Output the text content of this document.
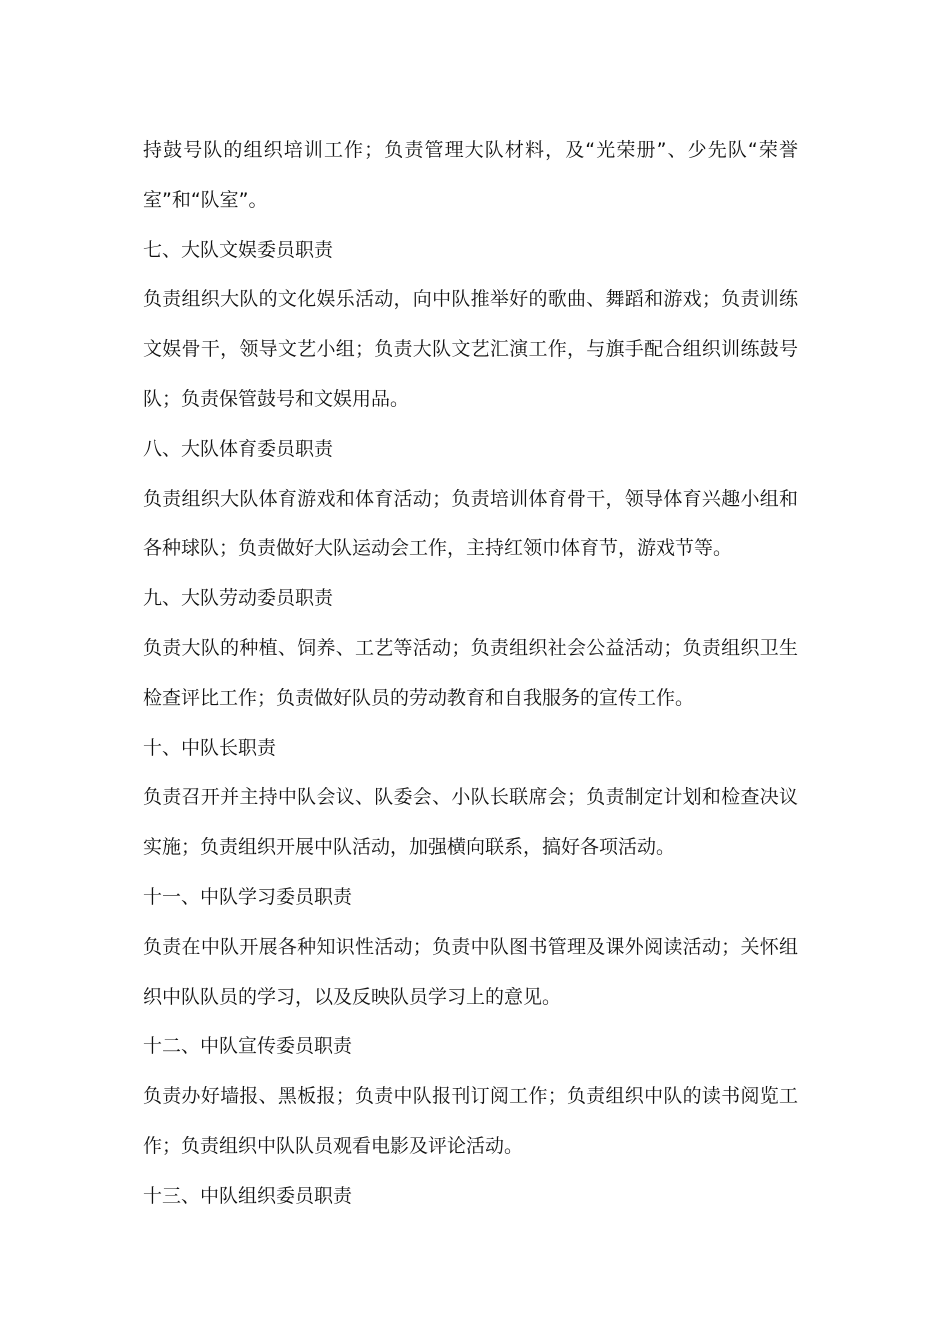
持鼓号队的组织培训工作；负责管理大队材料，及“光荣册”、少先队“荣誉
室”和“队室”。
七、大队文娱委员职责
负责组织大队的文化娱乐活动，向中队推举好的歌曲、舞蹈和游戏；负责训练
文娱骨干，领导文艺小组；负责大队文艺汇演工作，与旗手配合组织训练鼓号
队；负责保管鼓号和文娱用品。
八、大队体育委员职责
负责组织大队体育游戏和体育活动；负责培训体育骨干，领导体育兴趣小组和
各种球队；负责做好大队运动会工作，主持红领巾体育节，游戏节等。
九、大队劳动委员职责
负责大队的种植、饲养、工艺等活动；负责组织社会公益活动；负责组织卫生
检查评比工作；负责做好队员的劳动教育和自我服务的宣传工作。
十、中队长职责
负责召开并主持中队会议、队委会、小队长联席会；负责制定计划和检查决议
实施；负责组织开展中队活动，加强横向联系，搞好各项活动。
十一、中队学习委员职责
负责在中队开展各种知识性活动；负责中队图书管理及课外阅读活动；关怀组
织中队队员的学习，以及反映队员学习上的意见。
十二、中队宣传委员职责
负责办好墙报、黑板报；负责中队报刊订阅工作；负责组织中队的读书阅览工
作；负责组织中队队员观看电影及评论活动。
十三、中队组织委员职责
